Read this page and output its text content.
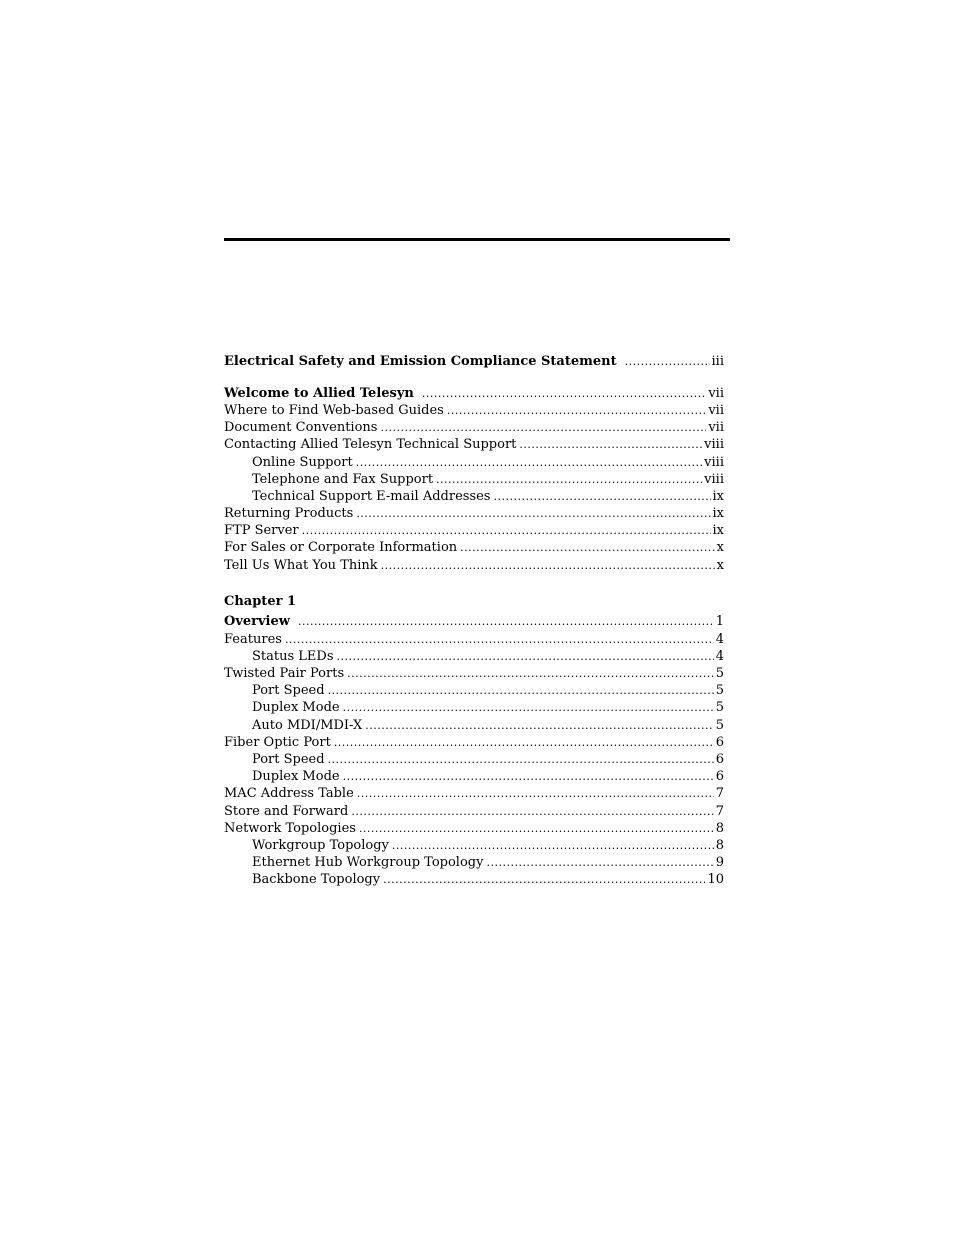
Electrical Safety and Emission Compliance Statement .....	iii
Welcome to Allied Telesyn .....	vii
Where to Find Web-based Guides .....	vii
Document Conventions .....	vii
Contacting Allied Telesyn Technical Support .....	viii
Online Support .....	viii
Telephone and Fax Support .....	viii
Technical Support E-mail Addresses .....	ix
Returning Products .....	ix
FTP Server .....	ix
For Sales or Corporate Information .....	x
Tell Us What You Think .....	x
Chapter 1
Overview .....	1
Features .....	4
Status LEDs .....	4
Twisted Pair Ports .....	5
Port Speed .....	5
Duplex Mode .....	5
Auto MDI/MDI-X .....	5
Fiber Optic Port .....	6
Port Speed .....	6
Duplex Mode .....	6
MAC Address Table .....	7
Store and Forward .....	7
Network Topologies .....	8
Workgroup Topology .....	8
Ethernet Hub Workgroup Topology .....	9
Backbone Topology .....	10
